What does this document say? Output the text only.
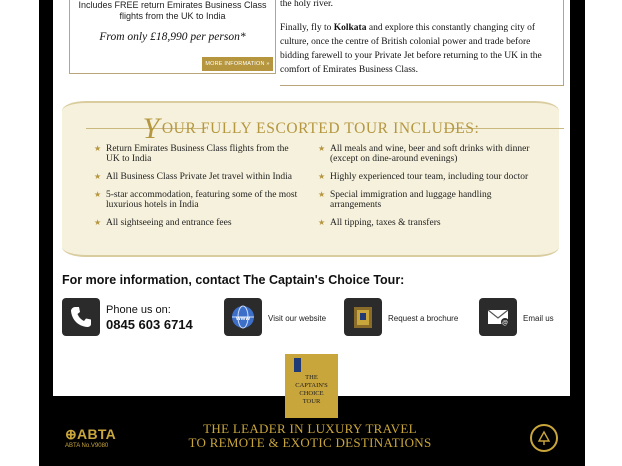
Includes FREE return Emirates Business Class flights from the UK to India
From only £18,990 per person*
MORE INFORMATION »
the holy river.
Finally, fly to Kolkata and explore this constantly changing city of culture, once the centre of British colonial power and trade before bidding farewell to your Private Jet before returning to the UK in the comfort of Emirates Business Class.
YOUR FULLY ESCORTED TOUR INCLUDES:
★ Return Emirates Business Class flights from the UK to India
★ All Business Class Private Jet travel within India
★ 5-star accommodation, featuring some of the most luxurious hotels in India
★ All sightseeing and entrance fees
★ All meals and wine, beer and soft drinks with dinner (except on dine-around evenings)
★ Highly experienced tour team, including tour doctor
★ Special immigration and luggage handling arrangements
★ All tipping, taxes & transfers
For more information, contact The Captain's Choice Tour:
Phone us on:
0845 603 6714	www Visit our website	Request a brochure
@
Email us
THE
CAPTAIN'S
CHOICE
TOUR
⊕ABTA
ABTA No.V9080
THE LEADER IN LUXURY TRAVEL
TO REMOTE & EXOTIC DESTINATIONS
